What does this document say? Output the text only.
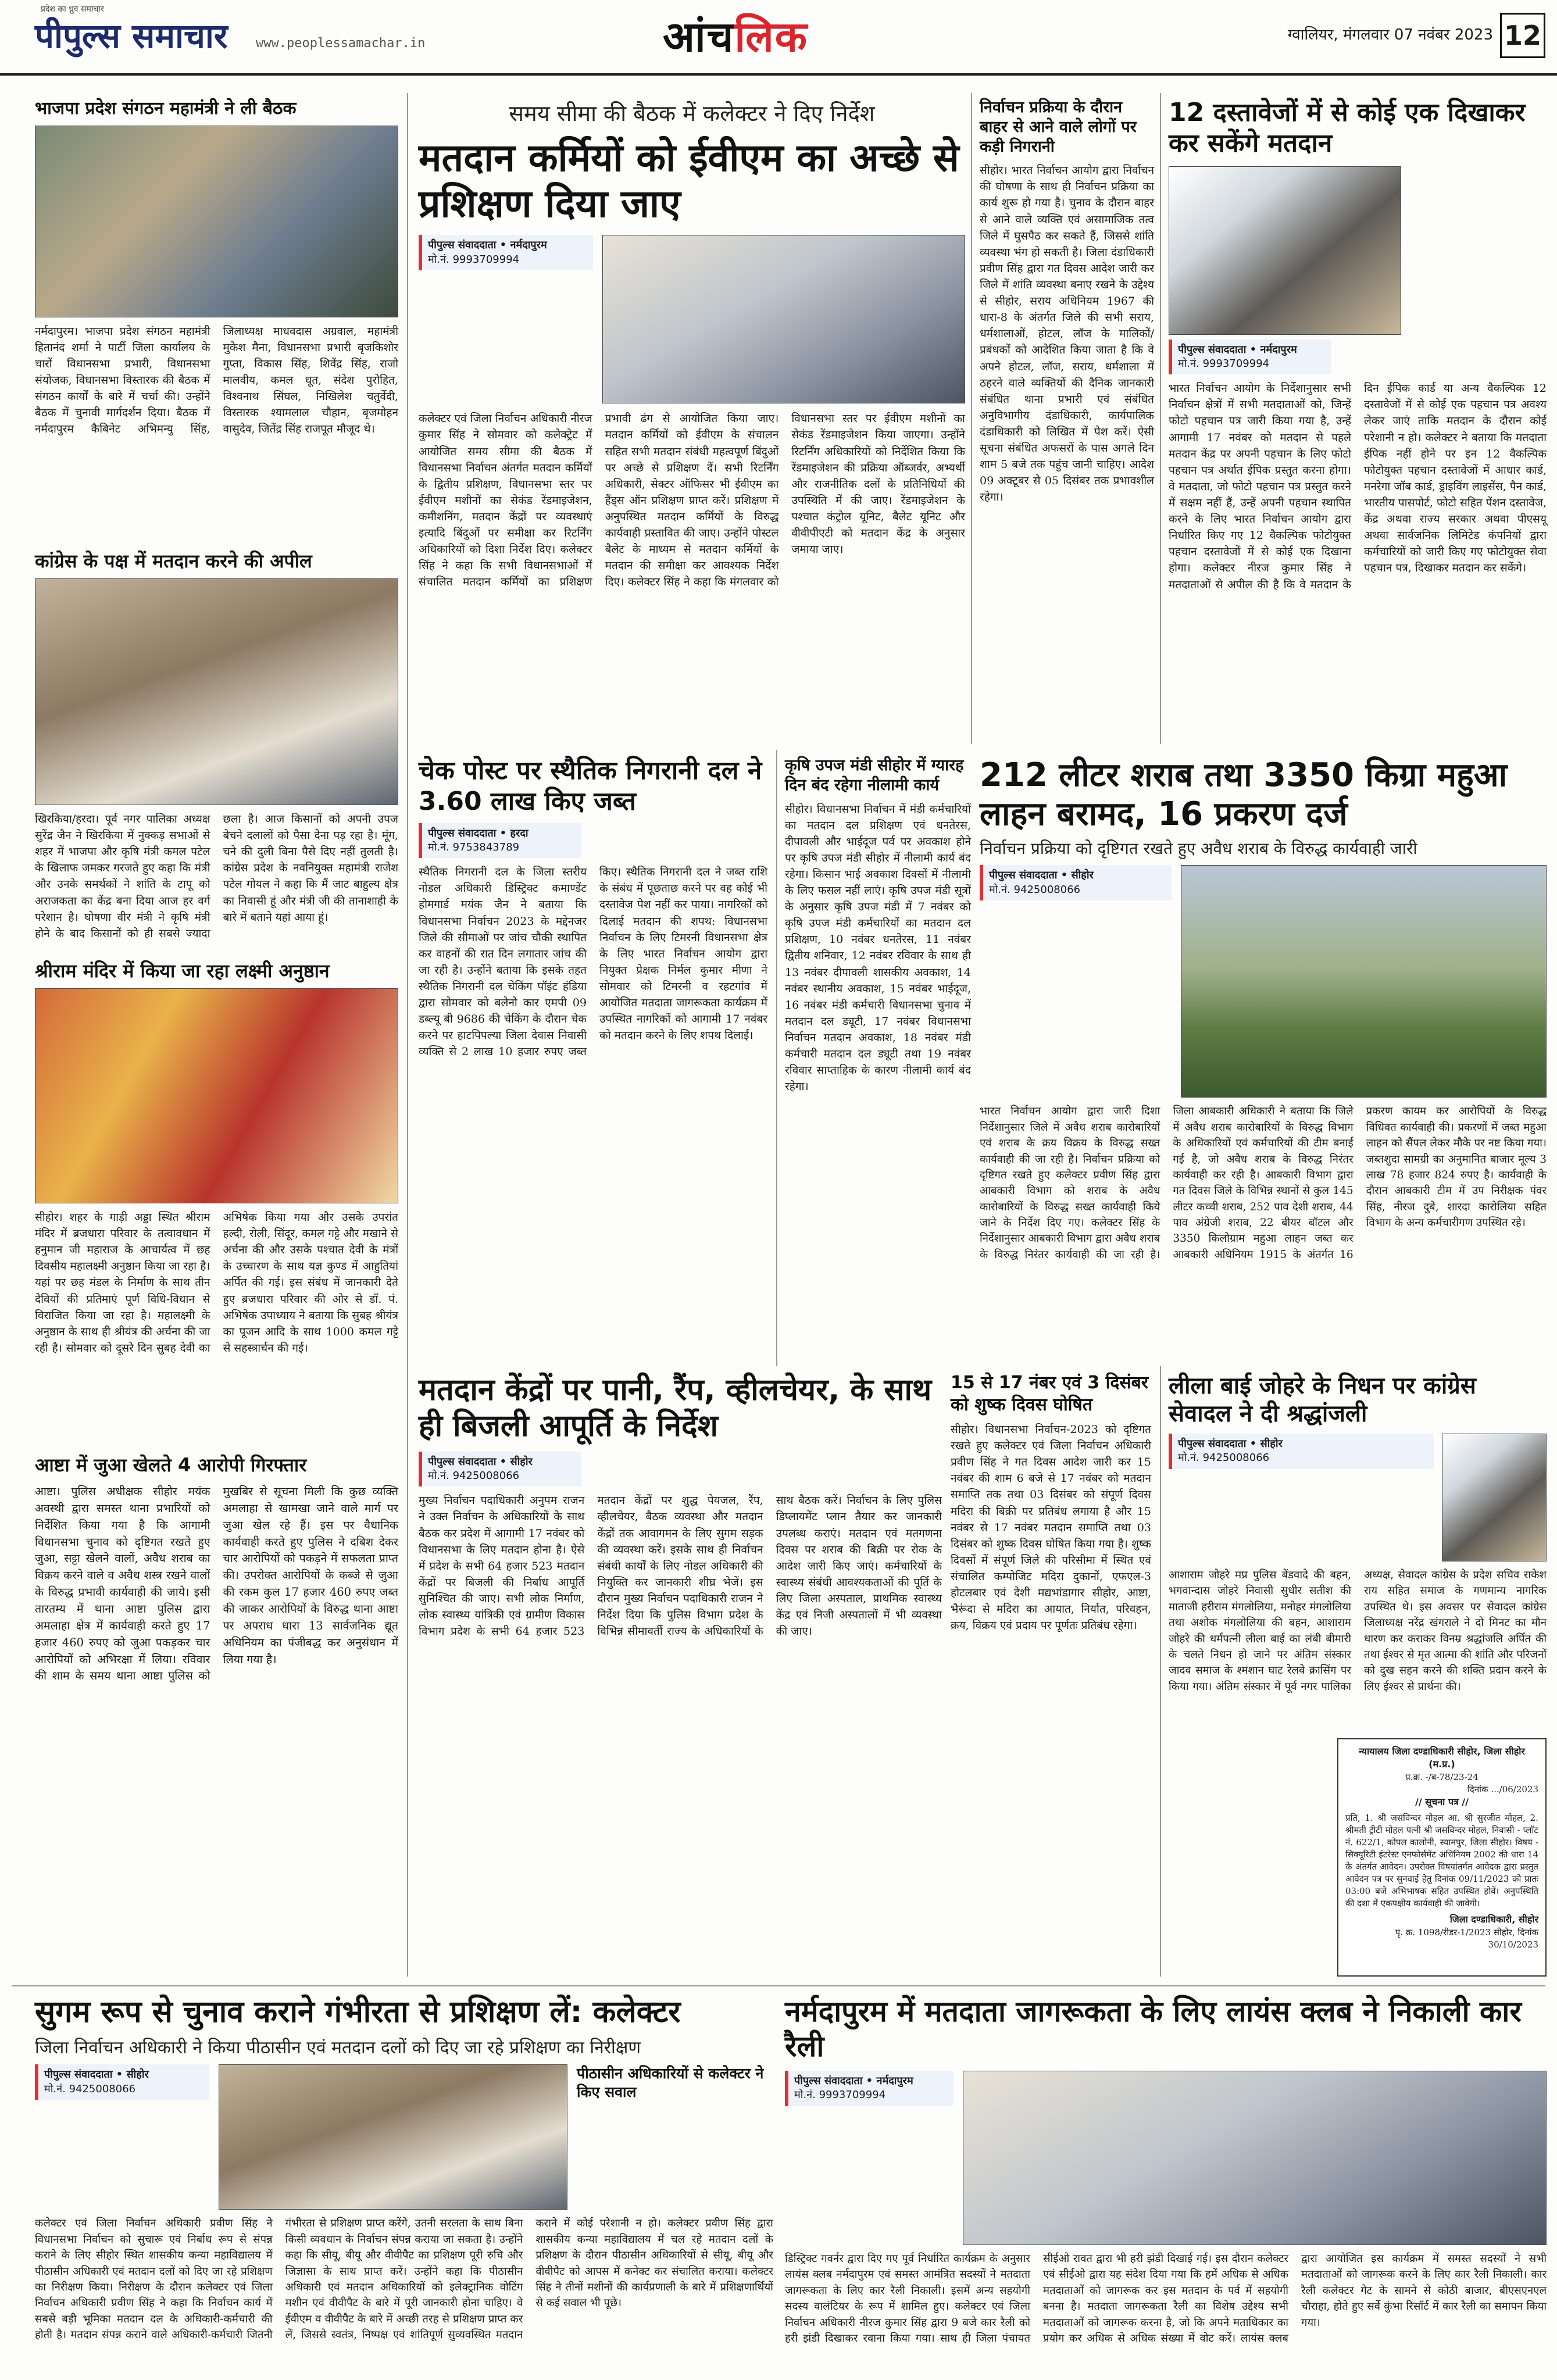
प्रदेश का ध्रुव समाचार
पीपुल्स समाचार www.peoplessamachar.in	आंचलिक	ग्वालियर, मंगलवार 07 नवंबर 2023 12
भाजपा प्रदेश संगठन महामंत्री ने ली बैठक
नर्मदापुरम। भाजपा प्रदेश संगठन महामंत्री हितानंद शर्मा ने पार्टी जिला कार्यालय के चारों विधानसभा प्रभारी, विधानसभा संयोजक, विधानसभा विस्तारक की बैठक में संगठन कार्यों के बारे में चर्चा की। उन्होंने बैठक में चुनावी मार्गदर्शन दिया। बैठक में नर्मदापुरम कैबिनेट अभिमन्यु सिंह, जिलाध्यक्ष माधवदास अग्रवाल, महामंत्री मुकेश मैना, विधानसभा प्रभारी बृजकिशोर गुप्ता, विकास सिंह, शिवेंद्र सिंह, राजो मालवीय, कमल धूत, संदेश पुरोहित, विश्वनाथ सिंघल, निखिलेश चतुर्वेदी, विस्तारक श्यामलाल चौहान, बृजमोहन वासुदेव, जितेंद्र सिंह राजपूत मौजूद थे।
कांग्रेस के पक्ष में मतदान करने की अपील
खिरकिया/हरदा। पूर्व नगर पालिका अध्यक्ष सुरेंद्र जैन ने खिरकिया में नुक्कड़ सभाओं से शहर में भाजपा और कृषि मंत्री कमल पटेल के खिलाफ जमकर गरजते हुए कहा कि मंत्री और उनके समर्थकों ने शांति के टापू को अराजकता का केंद्र बना दिया आज हर वर्ग परेशान है। घोषणा वीर मंत्री ने कृषि मंत्री होने के बाद किसानों को ही सबसे ज्यादा छला है। आज किसानों को अपनी उपज बेचने दलालों को पैसा देना पड़ रहा है। मूंग, चने की दुली बिना पैसे दिए नहीं तुलती है। कांग्रेस प्रदेश के नवनियुक्त महामंत्री राजेश पटेल गोयल ने कहा कि मैं जाट बाहुल्य क्षेत्र का निवासी हूं और मंत्री जी की तानाशाही के बारे में बताने यहां आया हूं।
श्रीराम मंदिर में किया जा रहा लक्ष्मी अनुष्ठान
सीहोर। शहर के गाड़ी अड्डा स्थित श्रीराम मंदिर में ब्रजधारा परिवार के तत्वावधान में हनुमान जी महाराज के आचार्यत्व में छह दिवसीय महालक्ष्मी अनुष्ठान किया जा रहा है। यहां पर छह मंडल के निर्माण के साथ तीन देवियों की प्रतिमाएं पूर्ण विधि-विधान से विराजित किया जा रहा है। महालक्ष्मी के अनुष्ठान के साथ ही श्रीयंत्र की अर्चना की जा रही है। सोमवार को दूसरे दिन सुबह देवी का अभिषेक किया गया और उसके उपरांत हल्दी, रोली, सिंदूर, कमल गट्टे और मखाने से अर्चना की और उसके पश्चात देवी के मंत्रों के उच्चारण के साथ यज्ञ कुण्ड में आहुतियां अर्पित की गई। इस संबंध में जानकारी देते हुए ब्रजधारा परिवार की ओर से डॉ. पं. अभिषेक उपाध्याय ने बताया कि सुबह श्रीयंत्र का पूजन आदि के साथ 1000 कमल गट्टे से सहस्त्रार्चन की गई।
आष्टा में जुआ खेलते 4 आरोपी गिरफ्तार
आष्टा। पुलिस अधीक्षक सीहोर मयंक अवस्थी द्वारा समस्त थाना प्रभारियों को निर्देशित किया गया है कि आगामी विधानसभा चुनाव को दृष्टिगत रखते हुए जुआ, सट्टा खेलने वालों, अवैध शराब का विक्रय करने वाले व अवैध शस्त्र रखने वालों के विरुद्ध प्रभावी कार्यवाही की जाये। इसी तारतम्य में थाना आष्टा पुलिस द्वारा अमलाहा क्षेत्र में कार्यवाही करते हुए 17 हजार 460 रुपए को जुआ पकड़कर चार आरोपियों को अभिरक्षा में लिया। रविवार की शाम के समय थाना आष्टा पुलिस को मुखबिर से सूचना मिली कि कुछ व्यक्ति अमलाहा से खामखा जाने वाले मार्ग पर जुआ खेल रहे हैं। इस पर वैधानिक कार्यवाही करते हुए पुलिस ने दबिश देकर चार आरोपियों को पकड़ने में सफलता प्राप्त की। उपरोक्त आरोपियों के कब्जे से जुआ की रकम कुल 17 हजार 460 रुपए जब्त की जाकर आरोपियों के विरुद्ध थाना आष्टा पर अपराध धारा 13 सार्वजनिक द्यूत अधिनियम का पंजीबद्ध कर अनुसंधान में लिया गया है।
समय सीमा की बैठक में कलेक्टर ने दिए निर्देश
मतदान कर्मियों को ईवीएम का अच्छे से प्रशिक्षण दिया जाए
पीपुल्स संवाददाता • नर्मदापुरम
मो.नं. 9993709994
कलेक्टर एवं जिला निर्वाचन अधिकारी नीरज कुमार सिंह ने सोमवार को कलेक्ट्रेट में आयोजित समय सीमा की बैठक में विधानसभा निर्वाचन अंतर्गत मतदान कर्मियों के द्वितीय प्रशिक्षण, विधानसभा स्तर पर ईवीएम मशीनों का सेकंड रेंडमाइजेशन, कमीशनिंग, मतदान केंद्रों पर व्यवस्थाएं इत्यादि बिंदुओं पर समीक्षा कर रिटर्निंग अधिकारियों को दिशा निर्देश दिए। कलेक्टर सिंह ने कहा कि सभी विधानसभाओं में संचालित मतदान कर्मियों का प्रशिक्षण प्रभावी ढंग से आयोजित किया जाए। मतदान कर्मियों को ईवीएम के संचालन सहित सभी मतदान संबंधी महत्वपूर्ण बिंदुओं पर अच्छे से प्रशिक्षण दें। सभी रिटर्निंग अधिकारी, सेक्टर ऑफिसर भी ईवीएम का हैंड्स ऑन प्रशिक्षण प्राप्त करें। प्रशिक्षण में अनुपस्थित मतदान कर्मियों के विरुद्ध कार्यवाही प्रस्तावित की जाए। उन्होंने पोस्टल बैलेट के माध्यम से मतदान कर्मियों के मतदान की समीक्षा कर आवश्यक निर्देश दिए। कलेक्टर सिंह ने कहा कि मंगलवार को विधानसभा स्तर पर ईवीएम मशीनों का सेकंड रेंडमाइजेशन किया जाएगा। उन्होंने रिटर्निंग अधिकारियों को निर्देशित किया कि रेंडमाइजेशन की प्रक्रिया ऑब्जर्वर, अभ्यर्थी और राजनीतिक दलों के प्रतिनिधियों की उपस्थिति में की जाए। रेंडमाइजेशन के पश्चात कंट्रोल यूनिट, बैलेट यूनिट और वीवीपीएटी को मतदान केंद्र के अनुसार जमाया जाए।
निर्वाचन प्रक्रिया के दौरान बाहर से आने वाले लोगों पर कड़ी निगरानी
सीहोर। भारत निर्वाचन आयोग द्वारा निर्वाचन की घोषणा के साथ ही निर्वाचन प्रक्रिया का कार्य शुरू हो गया है। चुनाव के दौरान बाहर से आने वाले व्यक्ति एवं असामाजिक तत्व जिले में घुसपैठ कर सकते हैं, जिससे शांति व्यवस्था भंग हो सकती है। जिला दंडाधिकारी प्रवीण सिंह द्वारा गत दिवस आदेश जारी कर जिले में शांति व्यवस्था बनाए रखने के उद्देश्य से सीहोर, सराय अधिनियम 1967 की धारा-8 के अंतर्गत जिले की सभी सराय, धर्मशालाओं, होटल, लॉज के मालिकों/प्रबंधकों को आदेशित किया जाता है कि वे अपने होटल, लॉज, सराय, धर्मशाला में ठहरने वाले व्यक्तियों की दैनिक जानकारी संबंधित थाना प्रभारी एवं संबंधित अनुविभागीय दंडाधिकारी, कार्यपालिक दंडाधिकारी को लिखित में पेश करें। ऐसी सूचना संबंधित अफसरों के पास अगले दिन शाम 5 बजे तक पहुंच जानी चाहिए। आदेश 09 अक्टूबर से 05 दिसंबर तक प्रभावशील रहेगा।
12 दस्तावेजों में से कोई एक दिखाकर कर सकेंगे मतदान
पीपुल्स संवाददाता • नर्मदापुरम
मो.नं. 9993709994
भारत निर्वाचन आयोग के निर्देशानुसार सभी निर्वाचन क्षेत्रों में सभी मतदाताओं को, जिन्हें फोटो पहचान पत्र जारी किया गया है, उन्हें आगामी 17 नवंबर को मतदान से पहले मतदान केंद्र पर अपनी पहचान के लिए फोटो पहचान पत्र अर्थात ईपिक प्रस्तुत करना होगा। वे मतदाता, जो फोटो पहचान पत्र प्रस्तुत करने में सक्षम नहीं हैं, उन्हें अपनी पहचान स्थापित करने के लिए भारत निर्वाचन आयोग द्वारा निर्धारित किए गए 12 वैकल्पिक फोटोयुक्त पहचान दस्तावेजों में से कोई एक दिखाना होगा। कलेक्टर नीरज कुमार सिंह ने मतदाताओं से अपील की है कि वे मतदान के दिन ईपिक कार्ड या अन्य वैकल्पिक 12 दस्तावेजों में से कोई एक पहचान पत्र अवश्य लेकर जाएं ताकि मतदान के दौरान कोई परेशानी न हो। कलेक्टर ने बताया कि मतदाता ईपिक नहीं होने पर इन 12 वैकल्पिक फोटोयुक्त पहचान दस्तावेजों में आधार कार्ड, मनरेगा जॉब कार्ड, ड्राइविंग लाइसेंस, पैन कार्ड, भारतीय पासपोर्ट, फोटो सहित पेंशन दस्तावेज, केंद्र अथवा राज्य सरकार अथवा पीएसयू अथवा सार्वजनिक लिमिटेड कंपनियों द्वारा कर्मचारियों को जारी किए गए फोटोयुक्त सेवा पहचान पत्र, दिखाकर मतदान कर सकेंगे।
चेक पोस्ट पर स्थैतिक निगरानी दल ने 3.60 लाख किए जब्त
पीपुल्स संवाददाता • हरदा
मो.नं. 9753843789
स्थैतिक निगरानी दल के जिला स्तरीय नोडल अधिकारी डिस्ट्रिक्ट कमाण्डेंट होमगार्ड मयंक जैन ने बताया कि विधानसभा निर्वाचन 2023 के मद्देनजर जिले की सीमाओं पर जांच चौकी स्थापित कर वाहनों की रात दिन लगातार जांच की जा रही है। उन्होंने बताया कि इसके तहत स्थैतिक निगरानी दल चेकिंग पॉइंट हंडिया द्वारा सोमवार को बलेनो कार एमपी 09 डब्ल्यू बी 9686 की चेकिंग के दौरान चेक करने पर हाटपिपल्या जिला देवास निवासी व्यक्ति से 2 लाख 10 हजार रुपए जब्त किए। स्थैतिक निगरानी दल ने जब्त राशि के संबंध में पूछताछ करने पर वह कोई भी दस्तावेज पेश नहीं कर पाया। नागरिकों को दिलाई मतदान की शपथ: विधानसभा निर्वाचन के लिए टिमरनी विधानसभा क्षेत्र के लिए भारत निर्वाचन आयोग द्वारा नियुक्त प्रेक्षक निर्मल कुमार मीणा ने सोमवार को टिमरनी व रहटगांव में आयोजित मतदाता जागरूकता कार्यक्रम में उपस्थित नागरिकों को आगामी 17 नवंबर को मतदान करने के लिए शपथ दिलाई।
कृषि उपज मंडी सीहोर में ग्यारह दिन बंद रहेगा नीलामी कार्य
सीहोर। विधानसभा निर्वाचन में मंडी कर्मचारियों का मतदान दल प्रशिक्षण एवं धनतेरस, दीपावली और भाईदूज पर्व पर अवकाश होने पर कृषि उपज मंडी सीहोर में नीलामी कार्य बंद रहेगा। किसान भाई अवकाश दिवसों में नीलामी के लिए फसल नहीं लाएं। कृषि उपज मंडी सूत्रों के अनुसार कृषि उपज मंडी में 7 नवंबर को कृषि उपज मंडी कर्मचारियों का मतदान दल प्रशिक्षण, 10 नवंबर धनतेरस, 11 नवंबर द्वितीय शनिवार, 12 नवंबर रविवार के साथ ही 13 नवंबर दीपावली शासकीय अवकाश, 14 नवंबर स्थानीय अवकाश, 15 नवंबर भाईदूज, 16 नवंबर मंडी कर्मचारी विधानसभा चुनाव में मतदान दल ड्यूटी, 17 नवंबर विधानसभा निर्वाचन मतदान अवकाश, 18 नवंबर मंडी कर्मचारी मतदान दल ड्यूटी तथा 19 नवंबर रविवार साप्ताहिक के कारण नीलामी कार्य बंद रहेगा।
212 लीटर शराब तथा 3350 किग्रा महुआ लाहन बरामद, 16 प्रकरण दर्ज
निर्वाचन प्रक्रिया को दृष्टिगत रखते हुए अवैध शराब के विरुद्ध कार्यवाही जारी
पीपुल्स संवाददाता • सीहोर
मो.नं. 9425008066
भारत निर्वाचन आयोग द्वारा जारी दिशा निर्देशानुसार जिले में अवैध शराब कारोबारियों एवं शराब के क्रय विक्रय के विरुद्ध सख्त कार्यवाही की जा रही है। निर्वाचन प्रक्रिया को दृष्टिगत रखते हुए कलेक्टर प्रवीण सिंह द्वारा आबकारी विभाग को शराब के अवैध कारोबारियों के विरुद्ध सख्त कार्यवाही किये जाने के निर्देश दिए गए। कलेक्टर सिंह के निर्देशानुसार आबकारी विभाग द्वारा अवैध शराब के विरुद्ध निरंतर कार्यवाही की जा रही है। जिला आबकारी अधिकारी ने बताया कि जिले में अवैध शराब कारोबारियों के विरुद्ध विभाग के अधिकारियों एवं कर्मचारियों की टीम बनाई गई है, जो अवैध शराब के विरुद्ध निरंतर कार्यवाही कर रही है। आबकारी विभाग द्वारा गत दिवस जिले के विभिन्न स्थानों से कुल 145 लीटर कच्ची शराब, 252 पाव देशी शराब, 44 पाव अंग्रेजी शराब, 22 बीयर बॉटल और 3350 किलोग्राम महुआ लाहन जब्त कर आबकारी अधिनियम 1915 के अंतर्गत 16 प्रकरण कायम कर आरोपियों के विरुद्ध विधिवत कार्यवाही की। प्रकरणों में जब्त महुआ लाहन को सैंपल लेकर मौके पर नष्ट किया गया। जब्तशुदा सामग्री का अनुमानित बाजार मूल्य 3 लाख 78 हजार 824 रुपए है। कार्यवाही के दौरान आबकारी टीम में उप निरीक्षक पंवर सिंह, नीरज दुबे, शारदा कारोलिया सहित विभाग के अन्य कर्मचारीगण उपस्थित रहे।
मतदान केंद्रों पर पानी, रैंप, व्हीलचेयर, के साथ ही बिजली आपूर्ति के निर्देश
पीपुल्स संवाददाता • सीहोर
मो.नं. 9425008066
मुख्य निर्वाचन पदाधिकारी अनुपम राजन ने उक्त निर्वाचन के अधिकारियों के साथ बैठक कर प्रदेश में आगामी 17 नवंबर को विधानसभा के लिए मतदान होना है। ऐसे में प्रदेश के सभी 64 हजार 523 मतदान केंद्रों पर बिजली की निर्बाध आपूर्ति सुनिश्चित की जाए। सभी लोक निर्माण, लोक स्वास्थ्य यांत्रिकी एवं ग्रामीण विकास विभाग प्रदेश के सभी 64 हजार 523 मतदान केंद्रों पर शुद्ध पेयजल, रैंप, व्हीलचेयर, बैठक व्यवस्था और मतदान केंद्रों तक आवागमन के लिए सुगम सड़क की व्यवस्था करें। इसके साथ ही निर्वाचन संबंधी कार्यों के लिए नोडल अधिकारी की नियुक्ति कर जानकारी शीघ्र भेजें। इस दौरान मुख्य निर्वाचन पदाधिकारी राजन ने निर्देश दिया कि पुलिस विभाग प्रदेश के विभिन्न सीमावर्ती राज्य के अधिकारियों के साथ बैठक करें। निर्वाचन के लिए पुलिस डिप्लायमेंट प्लान तैयार कर जानकारी उपलब्ध कराएं। मतदान एवं मतगणना दिवस पर शराब की बिक्री पर रोक के आदेश जारी किए जाएं। कर्मचारियों के स्वास्थ्य संबंधी आवश्यकताओं की पूर्ति के लिए जिला अस्पताल, प्राथमिक स्वास्थ्य केंद्र एवं निजी अस्पतालों में भी व्यवस्था की जाए।
15 से 17 नंबर एवं 3 दिसंबर को शुष्क दिवस घोषित
सीहोर। विधानसभा निर्वाचन-2023 को दृष्टिगत रखते हुए कलेक्टर एवं जिला निर्वाचन अधिकारी प्रवीण सिंह ने गत दिवस आदेश जारी कर 15 नवंबर की शाम 6 बजे से 17 नवंबर को मतदान समाप्ति तक तथा 03 दिसंबर को संपूर्ण दिवस मदिरा की बिक्री पर प्रतिबंध लगाया है और 15 नवंबर से 17 नवंबर मतदान समाप्ति तथा 03 दिसंबर को शुष्क दिवस घोषित किया गया है। शुष्क दिवसों में संपूर्ण जिले की परिसीमा में स्थित एवं संचालित कम्पोजिट मदिरा दुकानों, एफएल-3 होटलबार एवं देशी मद्यभांडागार सीहोर, आष्टा, भैरूंदा से मदिरा का आयात, निर्यात, परिवहन, क्रय, विक्रय एवं प्रदाय पर पूर्णतः प्रतिबंध रहेगा।
लीला बाई जोहरे के निधन पर कांग्रेस सेवादल ने दी श्रद्धांजली
पीपुल्स संवाददाता • सीहोर
मो.नं. 9425008066
आशाराम जोहरे मप्र पुलिस बेंडवादे की बहन, भगवान्दास जोहरे निवासी सुधीर सतीश की माताजी हरीराम मंगलोलिया, मनोहर मंगलोलिया तथा अशोक मंगलोलिया की बहन, आशाराम जोहरे की धर्मपत्नी लीला बाई का लंबी बीमारी के चलते निधन हो जाने पर अंतिम संस्कार जादव समाज के श्मशान घाट रेलवे क्रासिंग पर किया गया। अंतिम संस्कार में पूर्व नगर पालिका अध्यक्ष, सेवादल कांग्रेस के प्रदेश सचिव राकेश राय सहित समाज के गणमान्य नागरिक उपस्थित थे। इस अवसर पर सेवादल कांग्रेस जिलाध्यक्ष नरेंद्र खंगराले ने दो मिनट का मौन धारण कर कराकर विनम्र श्रद्धांजलि अर्पित की तथा ईश्वर से मृत आत्मा की शांति और परिजनों को दुख सहन करने की शक्ति प्रदान करने के लिए ईश्वर से प्रार्थना की।
न्यायालय जिला दण्डाधिकारी सीहोर, जिला सीहोर (म.प्र.)
प्र.क्र. -/ब-78/23-24
दिनांक .../06/2023
// सूचना पत्र //
प्रति, 1. श्री जसविन्दर मोहल आ. श्री सुरजीत मोहल, 2. श्रीमती ट्रीटी मोहल पत्नी श्री जसविन्दर मोहल, निवासी - प्लॉट नं. 622/1, कोपल कालोनी, स्यामपुर, जिला सीहोर। विषय - सिक्यूरिटी इंटरेस्ट एनफोर्समेंट अधिनियम 2002 की धारा 14 के अंतर्गत आवेदन। उपरोक्त विषयांतर्गत आवेदक द्वारा प्रस्तुत आवेदन पत्र पर सुनवाई हेतु दिनांक 09/11/2023 को प्रातः 03:00 बजे अभिभाषक सहित उपस्थित होवें। अनुपस्थिति की दशा में एकपक्षीय कार्यवाही की जावेगी।
जिला दण्डाधिकारी, सीहोर
पृ. क्र. 1098/रीडर-1/2023 सीहोर, दिनांक 30/10/2023
सुगम रूप से चुनाव कराने गंभीरता से प्रशिक्षण लें: कलेक्टर
जिला निर्वाचन अधिकारी ने किया पीठासीन एवं मतदान दलों को दिए जा रहे प्रशिक्षण का निरीक्षण
पीपुल्स संवाददाता • सीहोर
मो.नं. 9425008066
पीठासीन अधिकारियों से कलेक्टर ने किए सवाल
कलेक्टर एवं जिला निर्वाचन अधिकारी प्रवीण सिंह ने विधानसभा निर्वाचन को सुचारू एवं निर्बाध रूप से संपन्न कराने के लिए सीहोर स्थित शासकीय कन्या महाविद्यालय में पीठासीन अधिकारी एवं मतदान दलों को दिए जा रहे प्रशिक्षण का निरीक्षण किया। निरीक्षण के दौरान कलेक्टर एवं जिला निर्वाचन अधिकारी प्रवीण सिंह ने कहा कि निर्वाचन कार्य में सबसे बड़ी भूमिका मतदान दल के अधिकारी-कर्मचारी की होती है। मतदान संपन्न कराने वाले अधिकारी-कर्मचारी जितनी गंभीरता से प्रशिक्षण प्राप्त करेंगे, उतनी सरलता के साथ बिना किसी व्यवधान के निर्वाचन संपन्न कराया जा सकता है। उन्होंने कहा कि सीयू, बीयू और वीवीपैट का प्रशिक्षण पूरी रुचि और जिज्ञासा के साथ प्राप्त करें। उन्होंने कहा कि पीठासीन अधिकारी एवं मतदान अधिकारियों को इलेक्ट्रानिक वोटिंग मशीन एवं वीवीपैट के बारे में पूरी जानकारी होना चाहिए। वे ईवीएम व वीवीपैट के बारे में अच्छी तरह से प्रशिक्षण प्राप्त कर लें, जिससे स्वतंत्र, निष्पक्ष एवं शांतिपूर्ण सुव्यवस्थित मतदान कराने में कोई परेशानी न हो। कलेक्टर प्रवीण सिंह द्वारा शासकीय कन्या महाविद्यालय में चल रहे मतदान दलों के प्रशिक्षण के दौरान पीठासीन अधिकारियों से सीयू, बीयू और वीवीपैट को आपस में कनेक्ट कर संचालित कराया। कलेक्टर सिंह ने तीनों मशीनों की कार्यप्रणाली के बारे में प्रशिक्षणार्थियों से कई सवाल भी पूछे।
नर्मदापुरम में मतदाता जागरूकता के लिए लायंस क्लब ने निकाली कार रैली
पीपुल्स संवाददाता • नर्मदापुरम
मो.नं. 9993709994
डिस्ट्रिक्ट गवर्नर द्वारा दिए गए पूर्व निर्धारित कार्यक्रम के अनुसार लायंस क्लब नर्मदापुरम एवं समस्त आमंत्रित सदस्यों ने मतदाता जागरूकता के लिए कार रैली निकाली। इसमें अन्य सहयोगी सदस्य वालंटियर के रूप में शामिल हुए। कलेक्टर एवं जिला निर्वाचन अधिकारी नीरज कुमार सिंह द्वारा 9 बजे कार रैली को हरी झंडी दिखाकर रवाना किया गया। साथ ही जिला पंचायत सीईओ रावत द्वारा भी हरी झंडी दिखाई गई। इस दौरान कलेक्टर एवं सीईओ द्वारा यह संदेश दिया गया कि हमें अधिक से अधिक मतदाताओं को जागरूक कर इस मतदान के पर्व में सहयोगी बनना है। मतदाता जागरूकता रैली का विशेष उद्देश्य सभी मतदाताओं को जागरूक करना है, जो कि अपने मताधिकार का प्रयोग कर अधिक से अधिक संख्या में वोट करें। लायंस क्लब द्वारा आयोजित इस कार्यक्रम में समस्त सदस्यों ने सभी मतदाताओं को जागरूक करने के लिए कार रैली निकाली। कार रैली कलेक्टर गेट के सामने से कोठी बाजार, बीएसएनएल चौराहा, होते हुए सर्वे कुंभा रिसॉर्ट में कार रैली का समापन किया गया।
